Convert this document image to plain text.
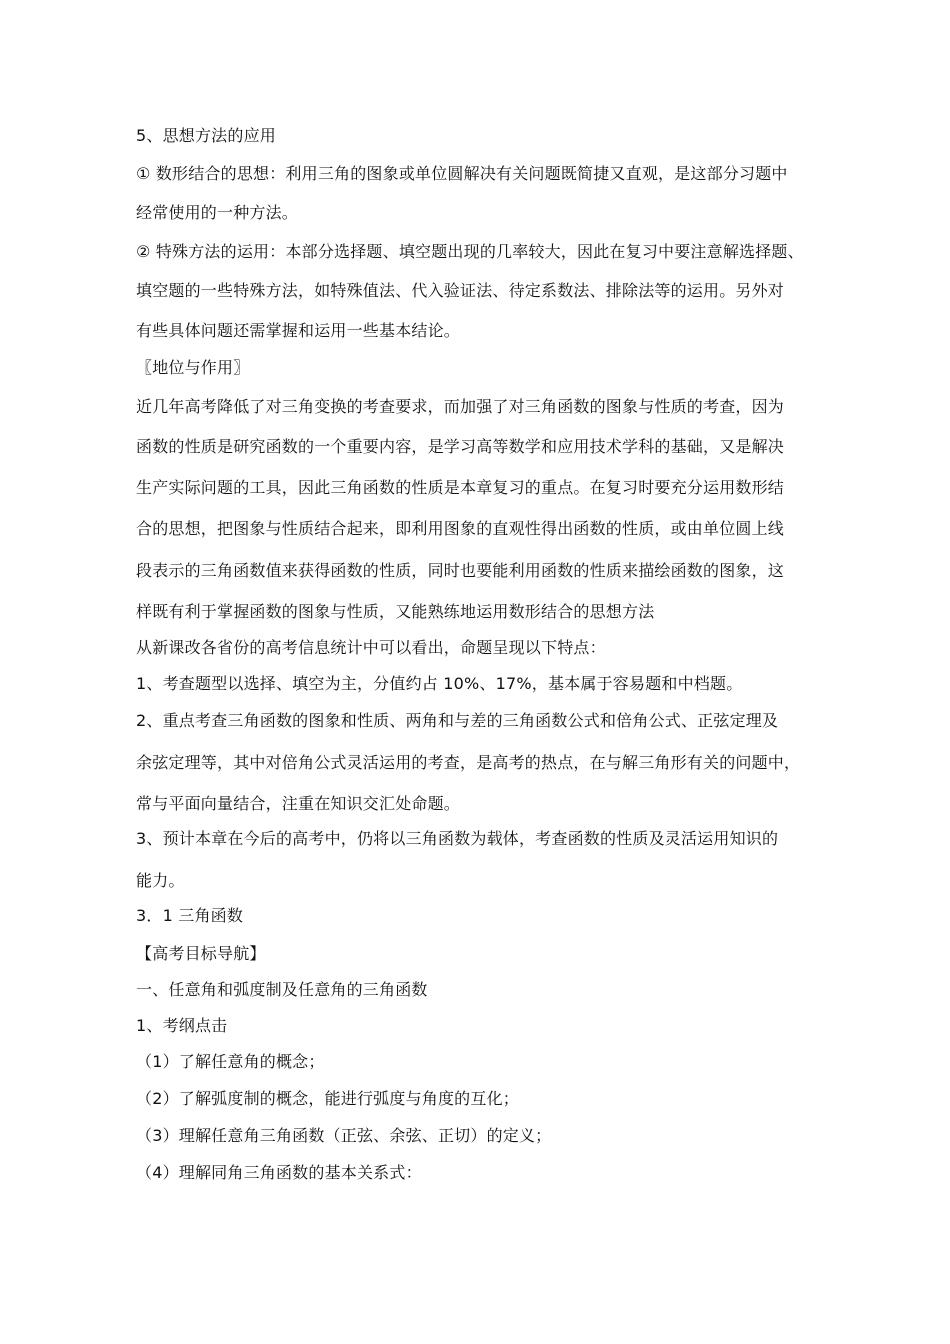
5、思想方法的应用

① 数形结合的思想：利用三角的图象或单位圆解决有关问题既简捷又直观，是这部分习题中

经常使用的一种方法。

② 特殊方法的运用：本部分选择题、填空题出现的几率较大，因此在复习中要注意解选择题、

填空题的一些特殊方法，如特殊值法、代入验证法、待定系数法、排除法等的运用。另外对

有些具体问题还需掌握和运用一些基本结论。

〖地位与作用〗

近几年高考降低了对三角变换的考查要求，而加强了对三角函数的图象与性质的考查，因为

函数的性质是研究函数的一个重要内容，是学习高等数学和应用技术学科的基础，又是解决

生产实际问题的工具，因此三角函数的性质是本章复习的重点。在复习时要充分运用数形结

合的思想，把图象与性质结合起来，即利用图象的直观性得出函数的性质，或由单位圆上线

段表示的三角函数值来获得函数的性质，同时也要能利用函数的性质来描绘函数的图象，这

样既有利于掌握函数的图象与性质，又能熟练地运用数形结合的思想方法

从新课改各省份的高考信息统计中可以看出，命题呈现以下特点：

1、考查题型以选择、填空为主，分值约占 10%、17%，基本属于容易题和中档题。

2、重点考查三角函数的图象和性质、两角和与差的三角函数公式和倍角公式、正弦定理及

余弦定理等，其中对倍角公式灵活运用的考查，是高考的热点，在与解三角形有关的问题中，

常与平面向量结合，注重在知识交汇处命题。

3、预计本章在今后的高考中，仍将以三角函数为载体，考查函数的性质及灵活运用知识的

能力。

3．1 三角函数

【高考目标导航】

一、任意角和弧度制及任意角的三角函数

1、考纲点击

（1）了解任意角的概念；

（2）了解弧度制的概念，能进行弧度与角度的互化；

（3）理解任意角三角函数（正弦、余弦、正切）的定义；

（4）理解同角三角函数的基本关系式：
